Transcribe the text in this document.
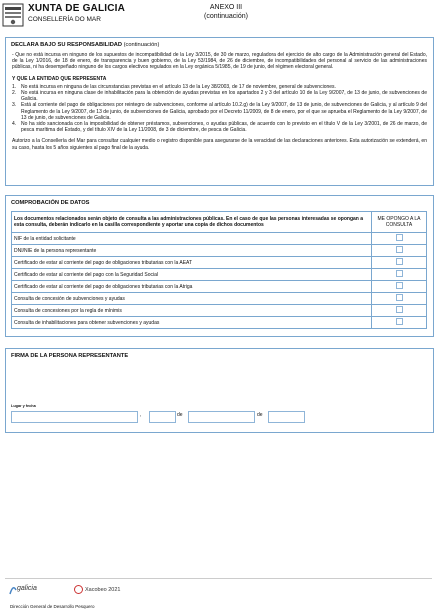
XUNTA DE GALICIA
CONSELLERÍA DO MAR
ANEXO III
(continuación)
DECLARA BAJO SU RESPONSABILIDAD (continuación)
- Que no está incursa en ninguno de los supuestos de incompatibilidad de la Ley 3/2015, de 30 de marzo, reguladora del ejercicio de alto cargo de la Administración general del Estado, de la Ley 1/2016, de 18 de enero, de transparencia y buen gobierno, de la Ley 53/1984, de 26 de diciembre, de incompatibilidades del personal al servicio de las administraciones públicas, ni ha desempeñado ninguno de los cargos electivos regulados en la Ley orgánica 5/1985, de 19 de junio, del régimen electoral general.
Y QUE LA ENTIDAD QUE REPRESENTA
1. No está incursa en ninguna de las circunstancias previstas en el artículo 13 de la Ley 38/2003, de 17 de noviembre, general de subvenciones.
2. No está incursa en ninguna clase de inhabilitación para la obtención de ayudas previstas en los apartados 2 y 3 del artículo 10 de la Ley 9/2007, de 13 de junio, de subvenciones de Galicia.
3. Está al corriente del pago de obligaciones por reintegro de subvenciones, conforme al artículo 10.2.g) de la Ley 9/2007, de 13 de junio, de subvenciones de Galicia, y al artículo 9 del Reglamento de la Ley 9/2007, de 13 de junio, de subvenciones de Galicia, aprobado por el Decreto 11/2009, de 8 de enero, por el que se aprueba el Reglamento de la Ley 9/2007, de 13 de junio, de subvenciones de Galicia.
4. No ha sido sancionada con la imposibilidad de obtener préstamos, subvenciones, o ayudas públicas, de acuerdo con lo previsto en el título V de la Ley 3/2001, de 26 de marzo, de pesca marítima del Estado, y del título XIV de la Ley 11/2008, de 3 de diciembre, de pesca de Galicia.
Autorizo a la Consellería del Mar para consultar cualquier medio o registro disponible para asegurarse de la veracidad de las declaraciones anteriores. Esta autorización se extenderá, en su caso, hasta los 5 años siguientes al pago final de la ayuda.
COMPROBACIÓN DE DATOS
Los documentos relacionados serán objeto de consulta a las administraciones públicas. En el caso de que las personas interesadas se opongan a esta consulta, deberán indicarlo en la casilla correspondiente y aportar una copia de dichos documentos	ME OPONGO A LA CONSULTA
NIF de la entidad solicitante	
DNI/NIE de la persona representante	
Certificado de estar al corriente del pago de obligaciones tributarias con la AEAT	
Certificado de estar al corriente del pago con la Seguridad Social	
Certificado de estar al corriente del pago de obligaciones tributarias con la Atriga	
Consulta de concesión de subvenciones y ayudas	
Consulta de concesiones por la regla de mínimis	
Consulta de inhabilitaciones para obtener subvenciones y ayudas	
FIRMA DE LA PERSONA REPRESENTANTE
Lugar y fecha
,	de	de
galicia	Xacobeo 2021
Dirección General de Desarrollo Pesquero
